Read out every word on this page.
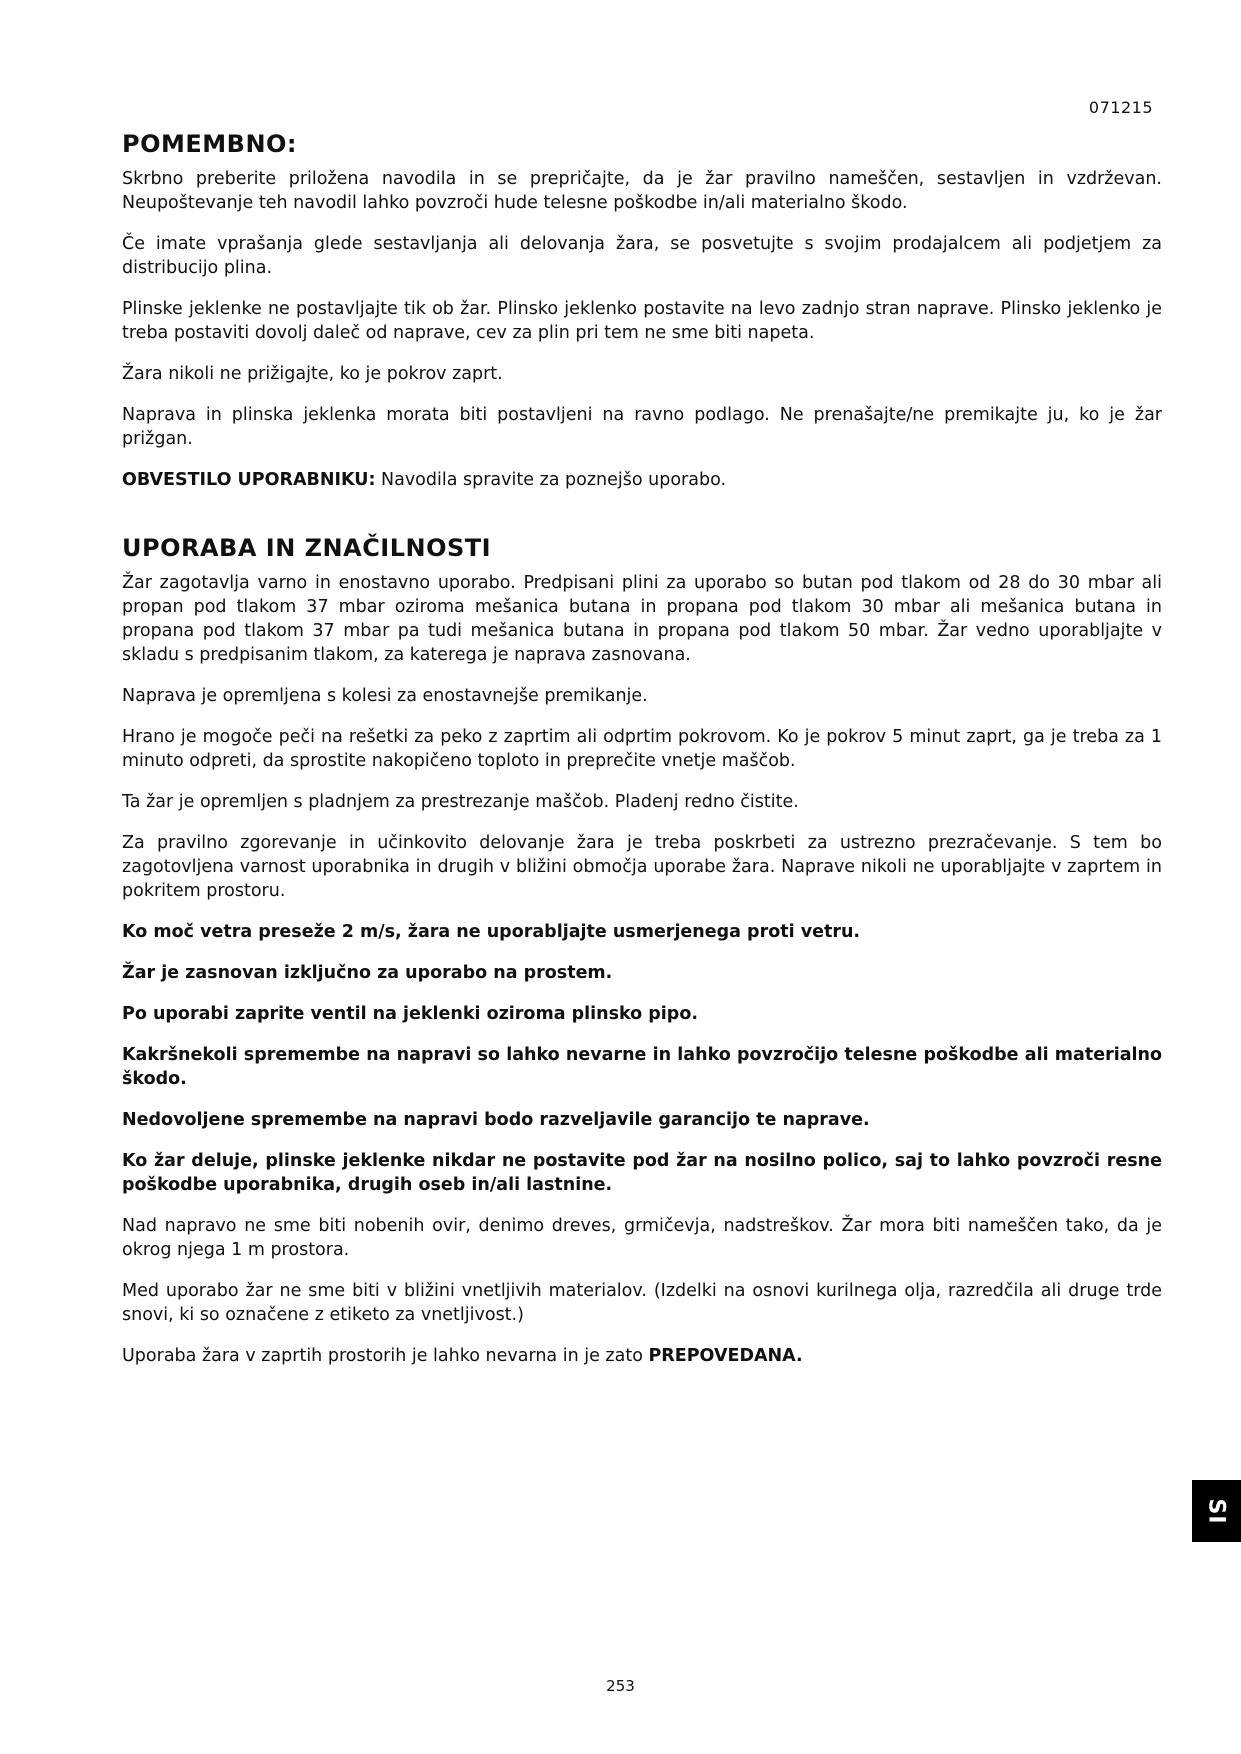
071215
POMEMBNO:

Skrbno preberite priložena navodila in se prepričajte, da je žar pravilno nameščen, sestavljen in vzdrževan. Neupoštevanje teh navodil lahko povzroči hude telesne poškodbe in/ali materialno škodo.

Če imate vprašanja glede sestavljanja ali delovanja žara, se posvetujte s svojim prodajalcem ali podjetjem za distribucijo plina.

Plinske jeklenke ne postavljajte tik ob žar. Plinsko jeklenko postavite na levo zadnjo stran naprave. Plinsko jeklenko je treba postaviti dovolj daleč od naprave, cev za plin pri tem ne sme biti napeta.

Žara nikoli ne prižigajte, ko je pokrov zaprt.

Naprava in plinska jeklenka morata biti postavljeni na ravno podlago. Ne prenašajte/ne premikajte ju, ko je žar prižgan.

OBVESTILO UPORABNIKU: Navodila spravite za poznejšo uporabo.

UPORABA IN ZNAČILNOSTI

Žar zagotavlja varno in enostavno uporabo. Predpisani plini za uporabo so butan pod tlakom od 28 do 30 mbar ali propan pod tlakom 37 mbar oziroma mešanica butana in propana pod tlakom 30 mbar ali mešanica butana in propana pod tlakom 37 mbar pa tudi mešanica butana in propana pod tlakom 50 mbar. Žar vedno uporabljajte v skladu s predpisanim tlakom, za katerega je naprava zasnovana.

Naprava je opremljena s kolesi za enostavnejše premikanje.

Hrano je mogoče peči na rešetki za peko z zaprtim ali odprtim pokrovom. Ko je pokrov 5 minut zaprt, ga je treba za 1 minuto odpreti, da sprostite nakopičeno toploto in preprečite vnetje maščob.

Ta žar je opremljen s pladnjem za prestrezanje maščob. Pladenj redno čistite.

Za pravilno zgorevanje in učinkovito delovanje žara je treba poskrbeti za ustrezno prezračevanje. S tem bo zagotovljena varnost uporabnika in drugih v bližini območja uporabe žara. Naprave nikoli ne uporabljajte v zaprtem in pokritem prostoru.

Ko moč vetra preseže 2 m/s, žara ne uporabljajte usmerjenega proti vetru.

Žar je zasnovan izključno za uporabo na prostem.

Po uporabi zaprite ventil na jeklenki oziroma plinsko pipo.

Kakršnekoli spremembe na napravi so lahko nevarne in lahko povzročijo telesne poškodbe ali materialno škodo.

Nedovoljene spremembe na napravi bodo razveljavile garancijo te naprave.

Ko žar deluje, plinske jeklenke nikdar ne postavite pod žar na nosilno polico, saj to lahko povzroči resne poškodbe uporabnika, drugih oseb in/ali lastnine.

Nad napravo ne sme biti nobenih ovir, denimo dreves, grmičevja, nadstreškov. Žar mora biti nameščen tako, da je okrog njega 1 m prostora.

Med uporabo žar ne sme biti v bližini vnetljivih materialov. (Izdelki na osnovi kurilnega olja, razredčila ali druge trde snovi, ki so označene z etiketo za vnetljivost.)

Uporaba žara v zaprtih prostorih je lahko nevarna in je zato PREPOVEDANA.

SI
253
